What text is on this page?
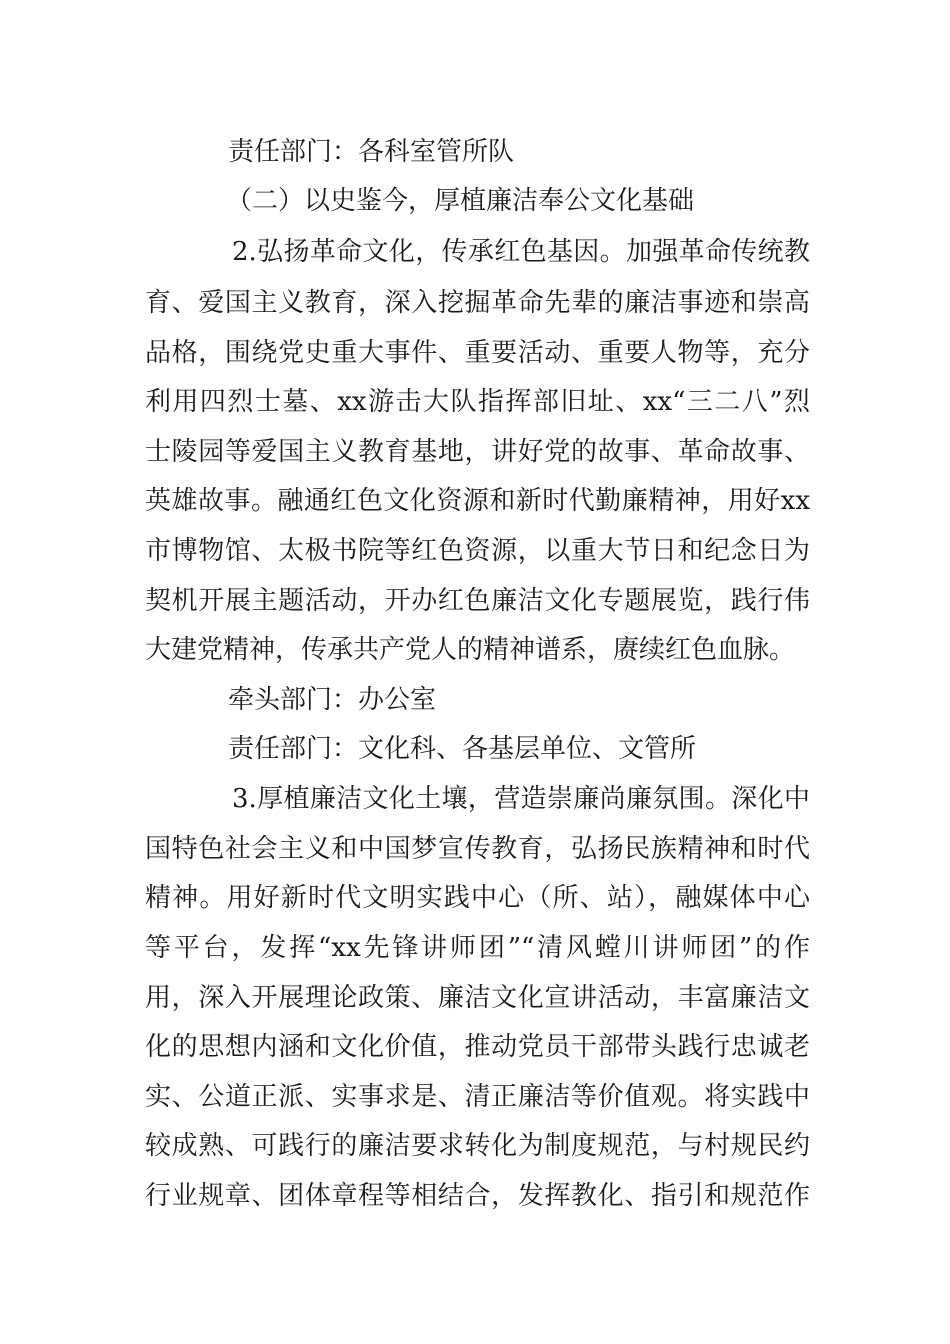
责任部门：各科室管所队
（二）以史鉴今，厚植廉洁奉公文化基础
2.弘扬革命文化，传承红色基因。加强革命传统教
育、爱国主义教育，深入挖掘革命先辈的廉洁事迹和崇高
品格，围绕党史重大事件、重要活动、重要人物等，充分
利用四烈士墓、xx游击大队指挥部旧址、xx“三二八”烈
士陵园等爱国主义教育基地，讲好党的故事、革命故事、
英雄故事。融通红色文化资源和新时代勤廉精神，用好xx
市博物馆、太极书院等红色资源，以重大节日和纪念日为
契机开展主题活动，开办红色廉洁文化专题展览，践行伟
大建党精神，传承共产党人的精神谱系，赓续红色血脉。
牵头部门：办公室
责任部门：文化科、各基层单位、文管所
3.厚植廉洁文化土壤，营造崇廉尚廉氛围。深化中
国特色社会主义和中国梦宣传教育，弘扬民族精神和时代
精神。用好新时代文明实践中心（所、站），融媒体中心
等平台，发挥“xx先锋讲师团”“清风螳川讲师团”的作
用，深入开展理论政策、廉洁文化宣讲活动，丰富廉洁文
化的思想内涵和文化价值，推动党员干部带头践行忠诚老
实、公道正派、实事求是、清正廉洁等价值观。将实践中
较成熟、可践行的廉洁要求转化为制度规范，与村规民约
行业规章、团体章程等相结合，发挥教化、指引和规范作
